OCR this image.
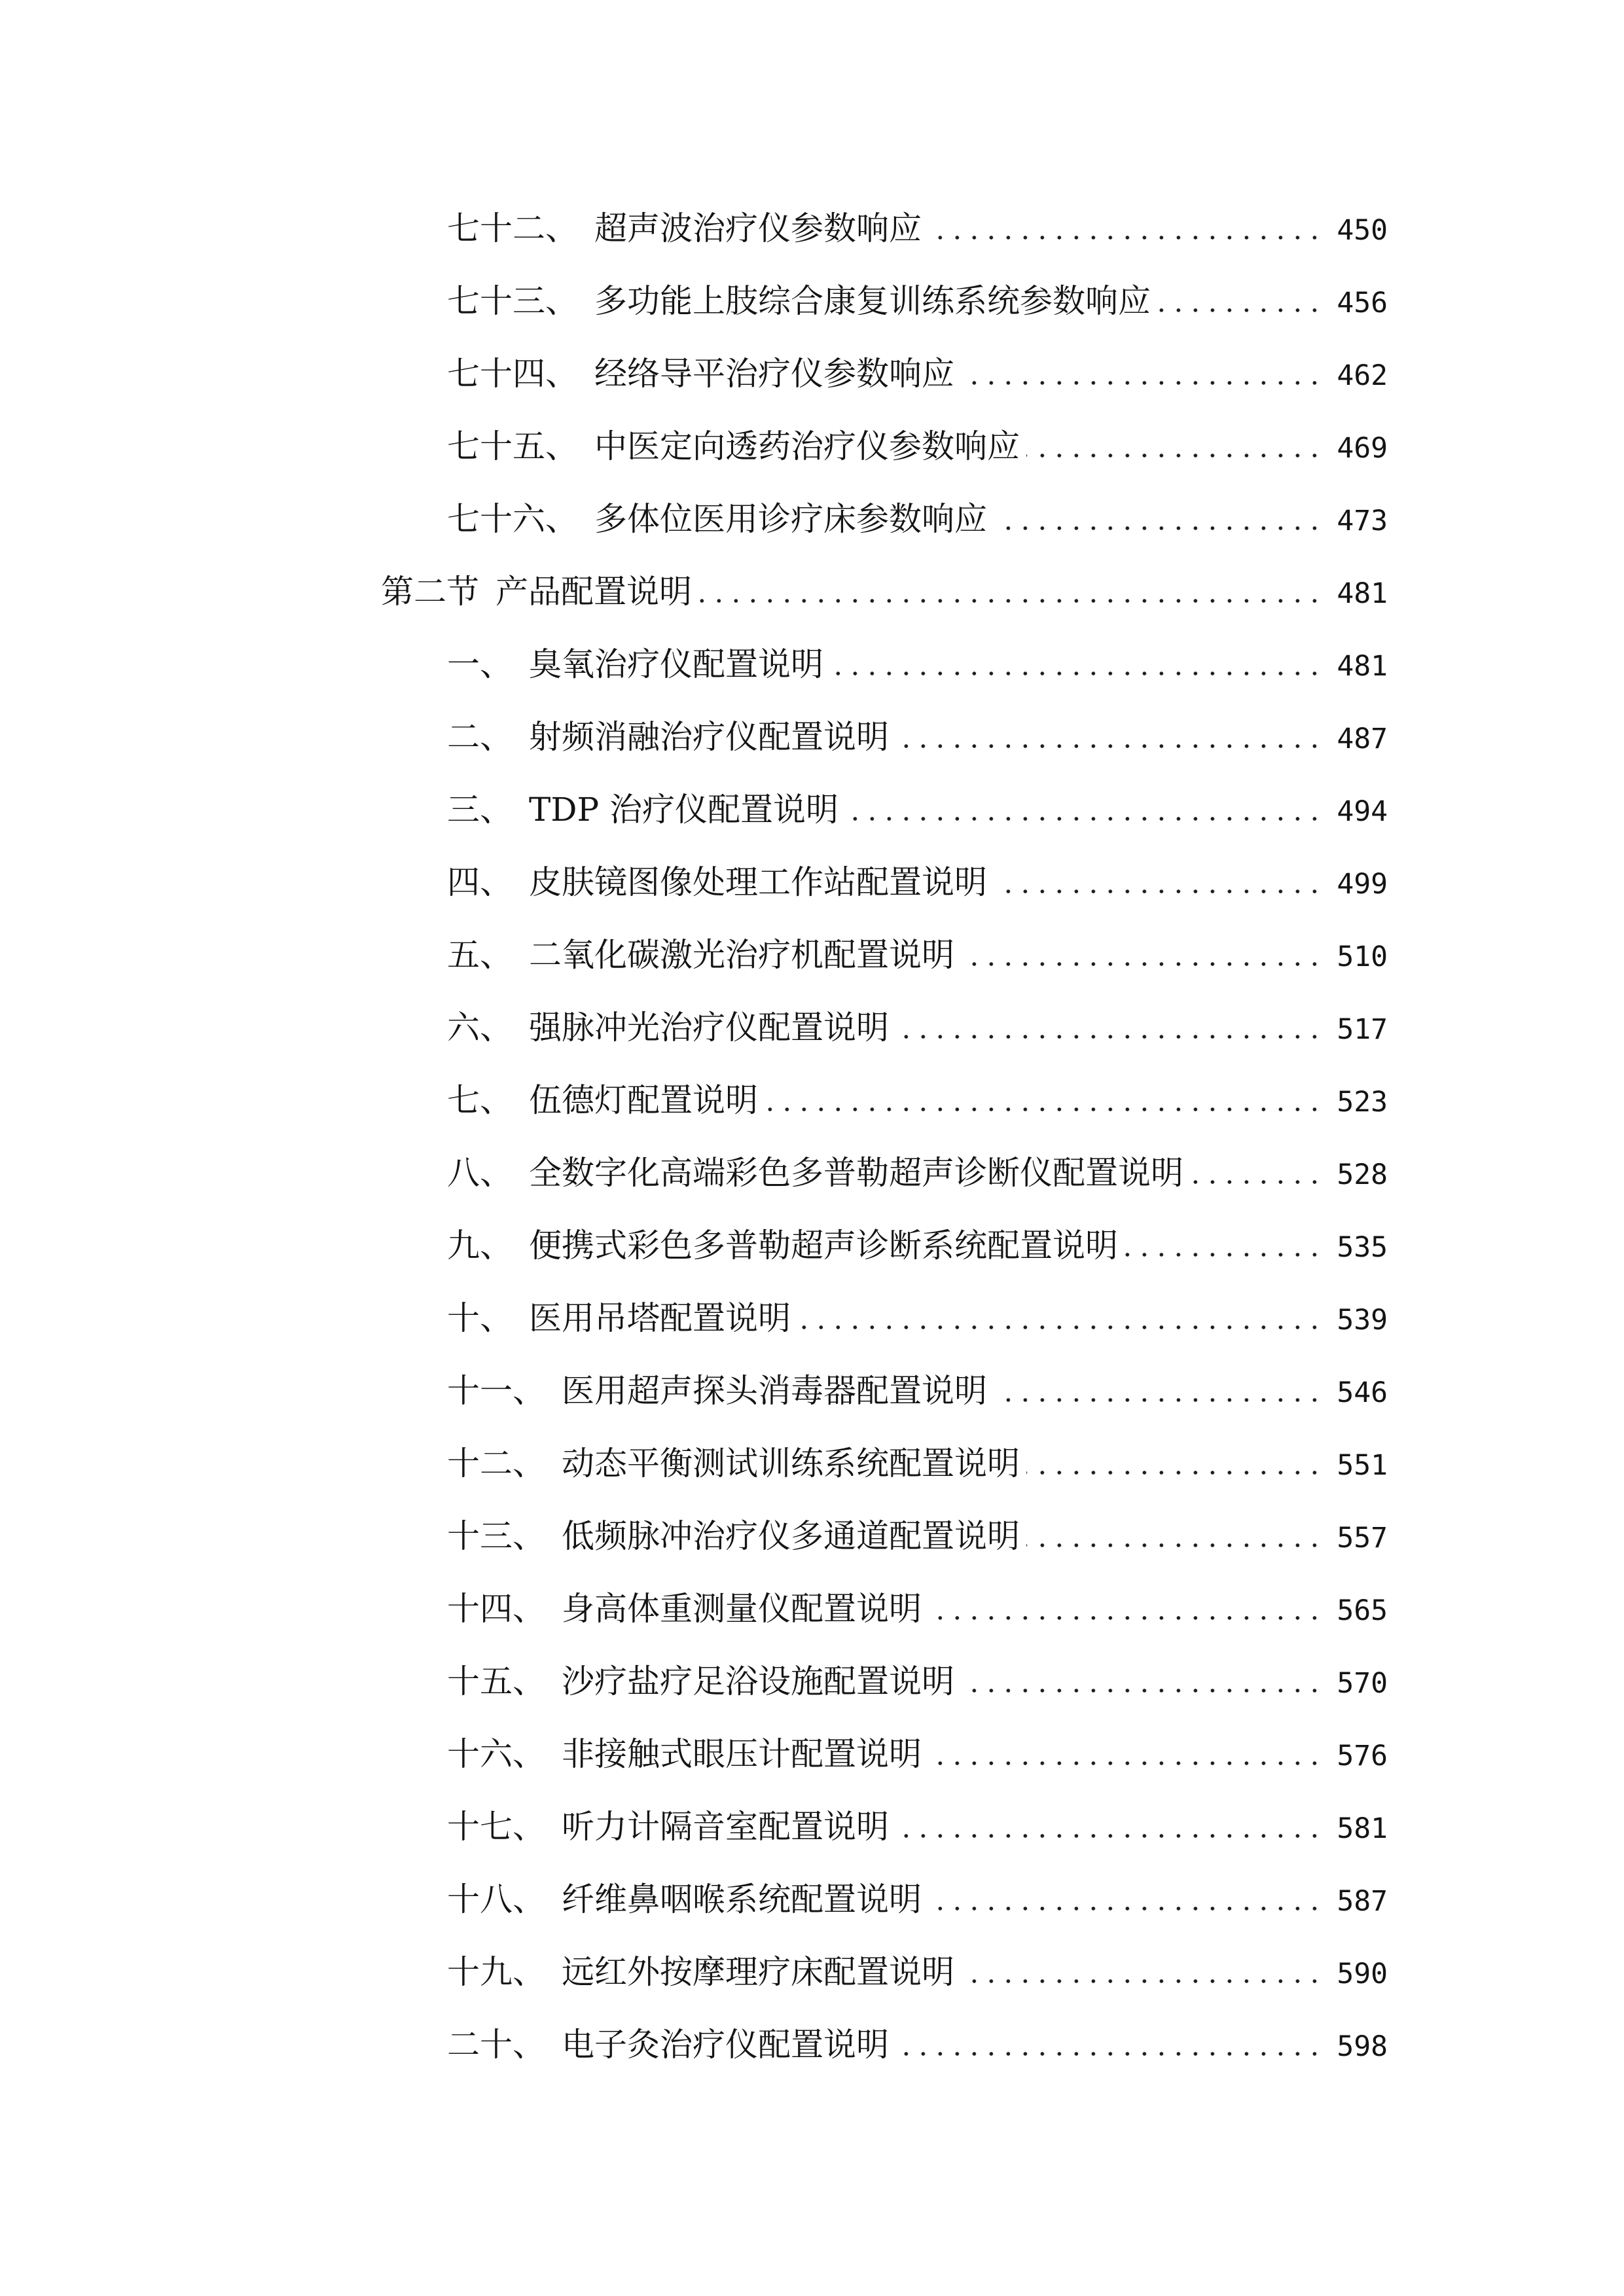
七十二、 超声波治疗仪参数响应	450
七十三、 多功能上肢综合康复训练系统参数响应	456
七十四、 经络导平治疗仪参数响应	462
七十五、 中医定向透药治疗仪参数响应	469
七十六、 多体位医用诊疗床参数响应	473
第二节 产品配置说明	481
一、 臭氧治疗仪配置说明	481
二、 射频消融治疗仪配置说明	487
三、 TDP 治疗仪配置说明	494
四、 皮肤镜图像处理工作站配置说明	499
五、 二氧化碳激光治疗机配置说明	510
六、 强脉冲光治疗仪配置说明	517
七、 伍德灯配置说明	523
八、 全数字化高端彩色多普勒超声诊断仪配置说明	528
九、 便携式彩色多普勒超声诊断系统配置说明	535
十、 医用吊塔配置说明	539
十一、 医用超声探头消毒器配置说明	546
十二、 动态平衡测试训练系统配置说明	551
十三、 低频脉冲治疗仪多通道配置说明	557
十四、 身高体重测量仪配置说明	565
十五、 沙疗盐疗足浴设施配置说明	570
十六、 非接触式眼压计配置说明	576
十七、 听力计隔音室配置说明	581
十八、 纤维鼻咽喉系统配置说明	587
十九、 远红外按摩理疗床配置说明	590
二十、 电子灸治疗仪配置说明	598
